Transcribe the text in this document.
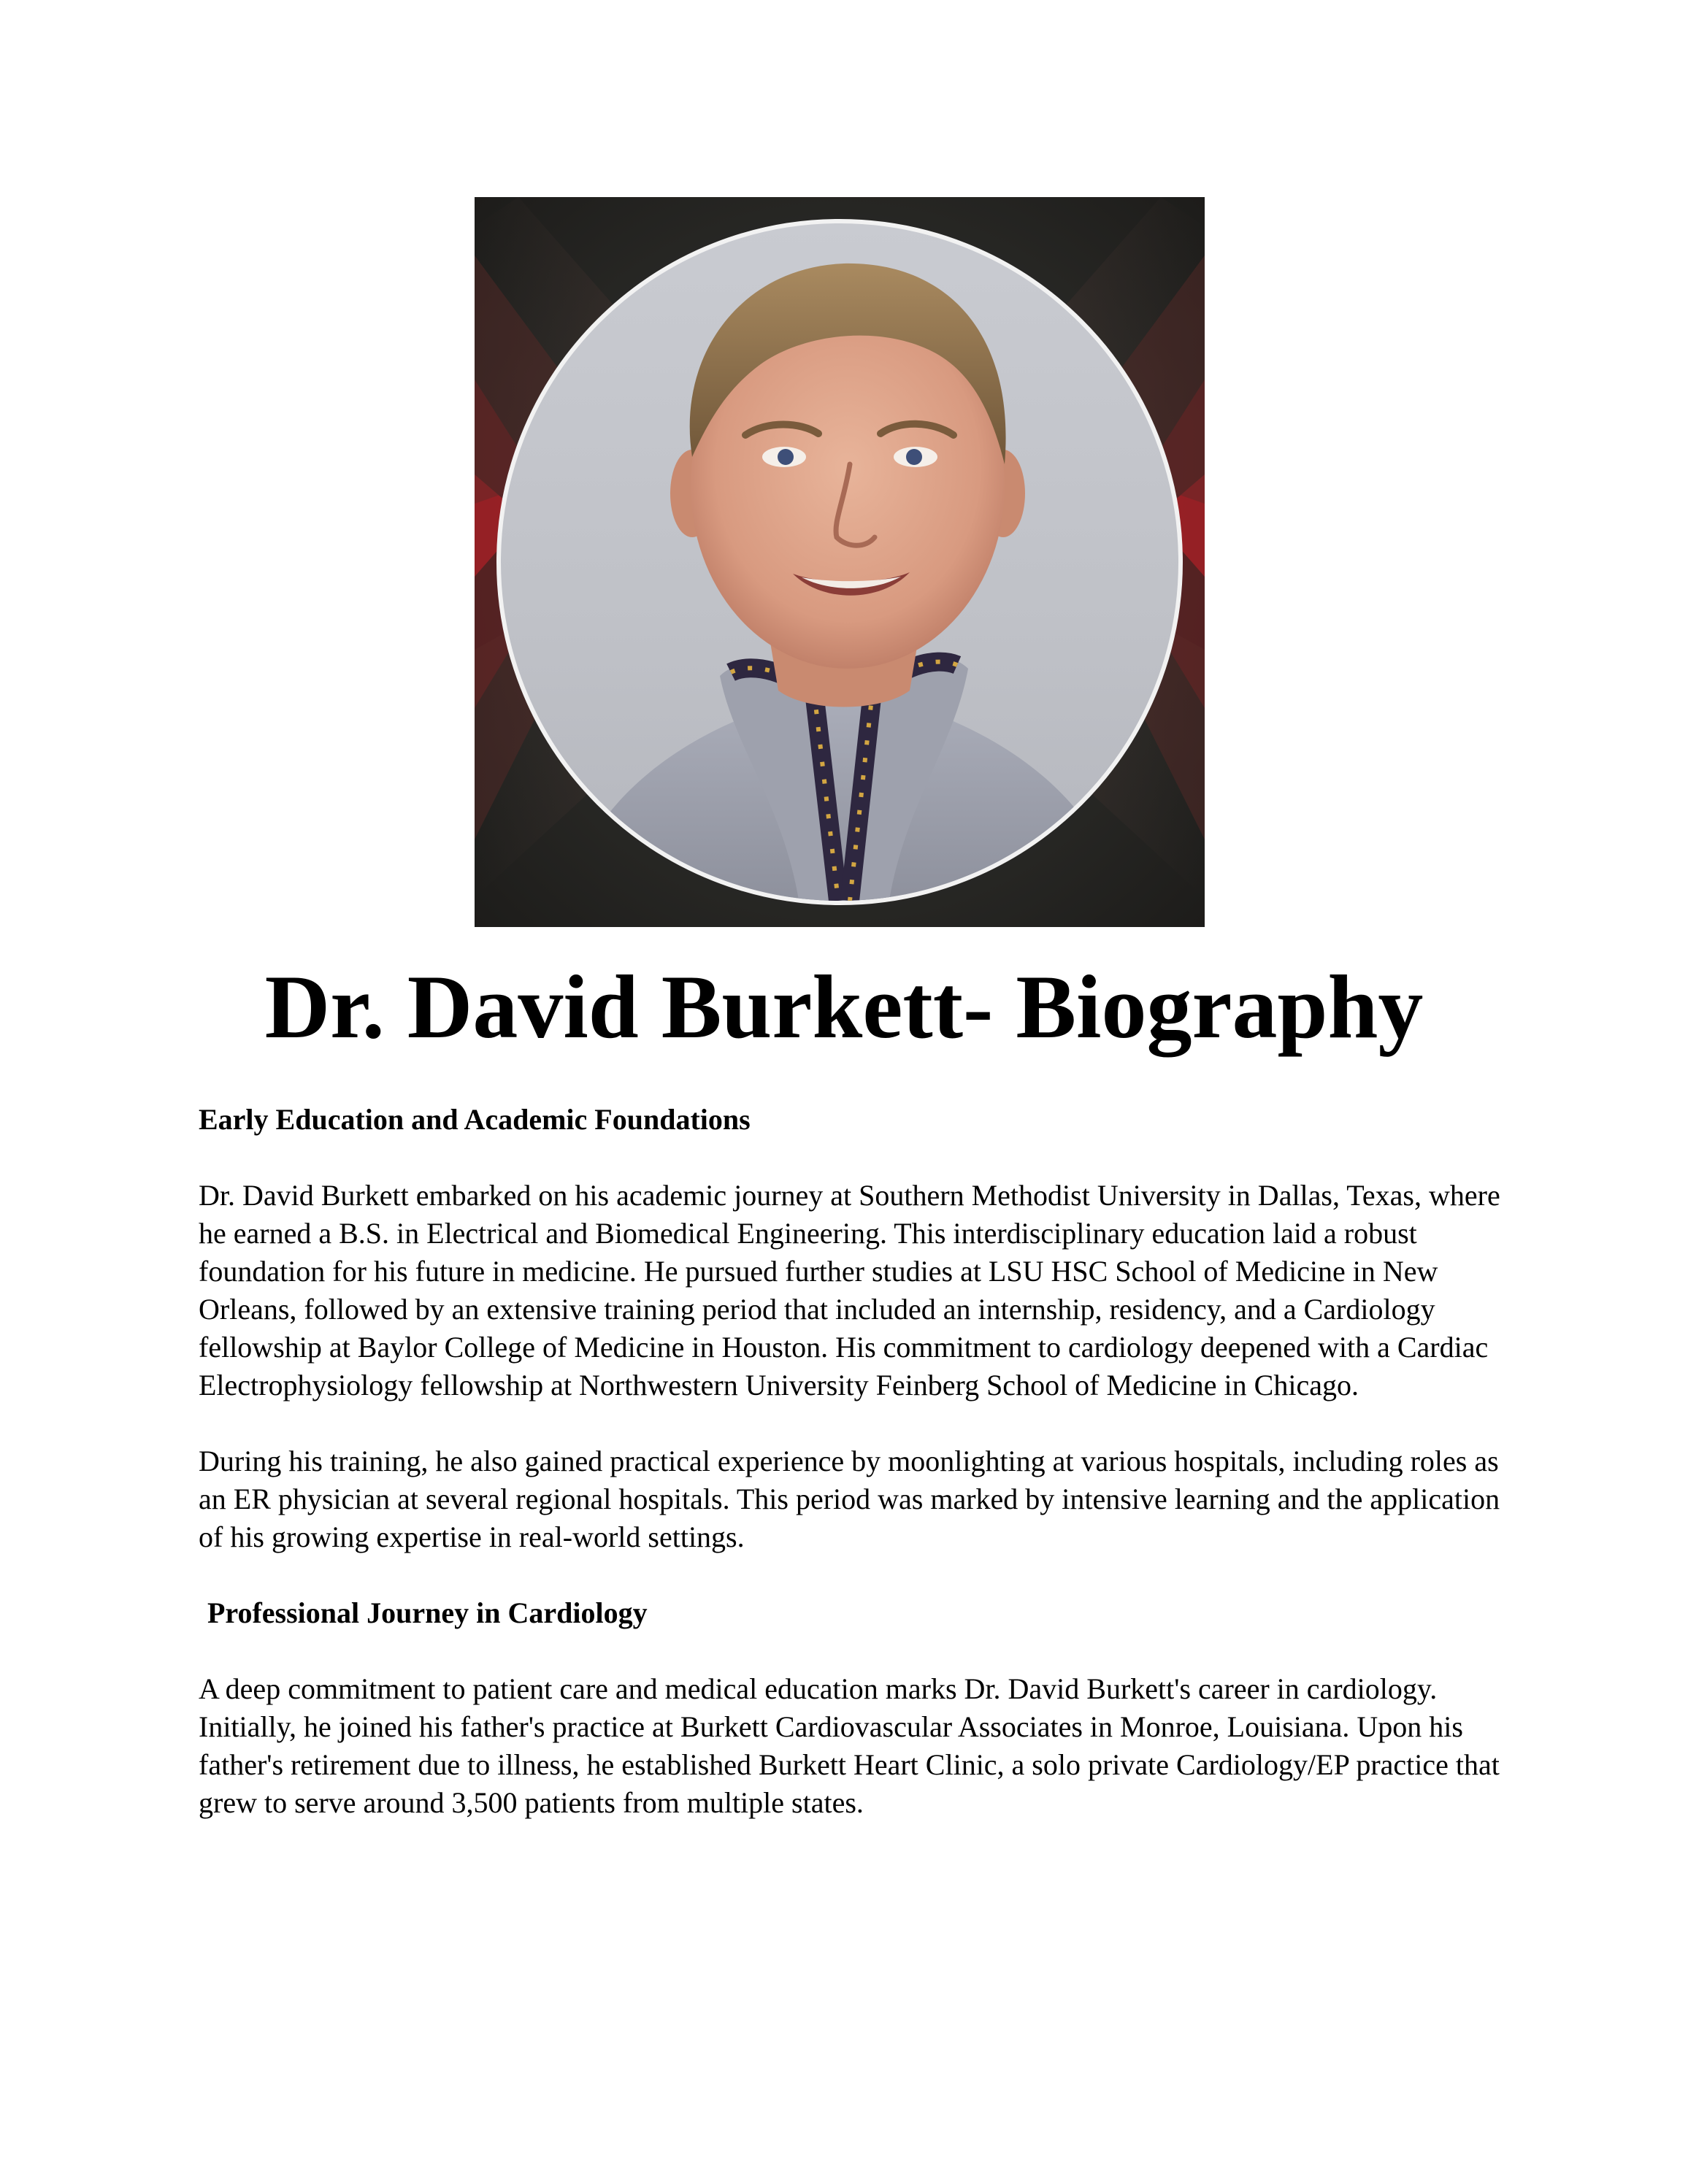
Dr. David Burkett- Biography

Early Education and Academic Foundations

Dr. David Burkett embarked on his academic journey at Southern Methodist University in Dallas, Texas, where he earned a B.S. in Electrical and Biomedical Engineering. This interdisciplinary education laid a robust foundation for his future in medicine. He pursued further studies at LSU HSC School of Medicine in New Orleans, followed by an extensive training period that included an internship, residency, and a Cardiology fellowship at Baylor College of Medicine in Houston. His commitment to cardiology deepened with a Cardiac Electrophysiology fellowship at Northwestern University Feinberg School of Medicine in Chicago.

During his training, he also gained practical experience by moonlighting at various hospitals, including roles as an ER physician at several regional hospitals. This period was marked by intensive learning and the application of his growing expertise in real-world settings.

Professional Journey in Cardiology

A deep commitment to patient care and medical education marks Dr. David Burkett's career in cardiology. Initially, he joined his father's practice at Burkett Cardiovascular Associates in Monroe, Louisiana. Upon his father's retirement due to illness, he established Burkett Heart Clinic, a solo private Cardiology/EP practice that grew to serve around 3,500 patients from multiple states.
